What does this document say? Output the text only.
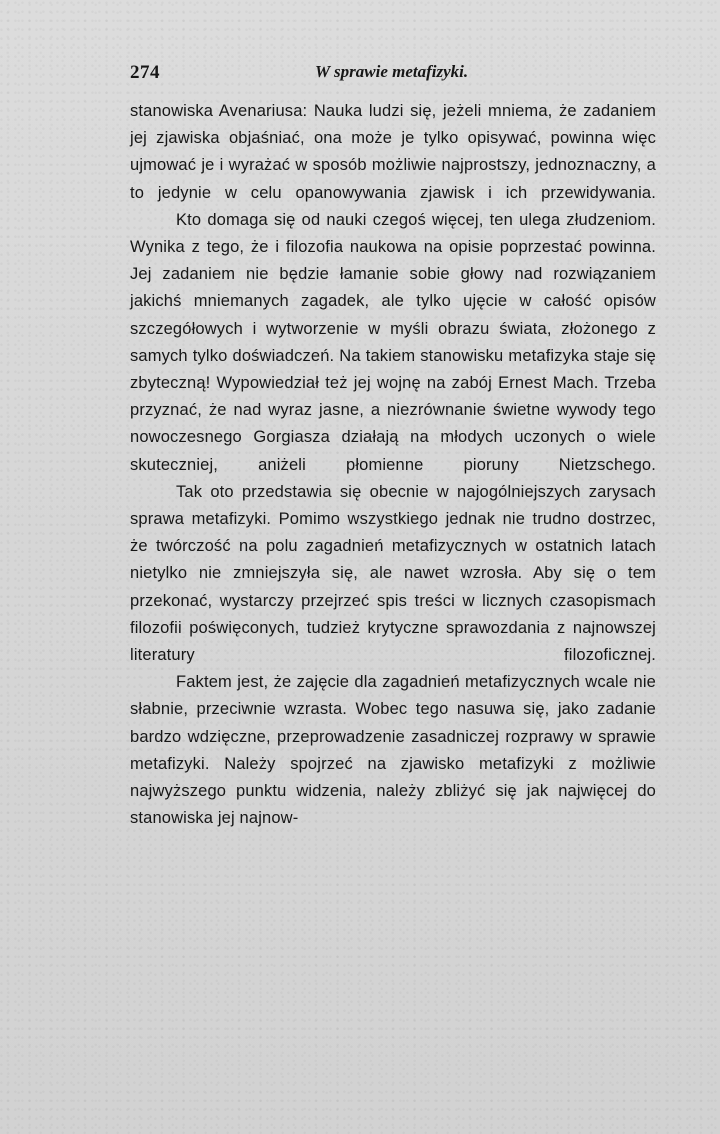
274	W sprawie metafizyki.

stanowiska Avenariusa: Nauka ludzi się, jeżeli mniema, że zadaniem jej zjawiska objaśniać, ona może je tylko opisywać, powinna więc ujmować je i wyrażać w sposób możliwie najprostszy, jednoznaczny, a to jedynie w celu opanowywania zjawisk i ich przewidywania.

Kto domaga się od nauki czegoś więcej, ten ulega złudzeniom. Wynika z tego, że i filozofia naukowa na opisie poprzestać powinna. Jej zadaniem nie będzie łamanie sobie głowy nad rozwiązaniem jakichś mniemanych zagadek, ale tylko ujęcie w całość opisów szczegółowych i wytworzenie w myśli obrazu świata, złożonego z samych tylko doświadczeń. Na takiem stanowisku metafizyka staje się zbyteczną! Wypowiedział też jej wojnę na zabój Ernest Mach. Trzeba przyznać, że nad wyraz jasne, a niezrównanie świetne wywody tego nowoczesnego Gorgiasza działają na młodych uczonych o wiele skuteczniej, aniżeli płomienne pioruny Nietzschego.

Tak oto przedstawia się obecnie w najogólniejszych zarysach sprawa metafizyki. Pomimo wszystkiego jednak nie trudno dostrzec, że twórczość na polu zagadnień metafizycznych w ostatnich latach nietylko nie zmniejszyła się, ale nawet wzrosła. Aby się o tem przekonać, wystarczy przejrzeć spis treści w licznych czasopismach filozofii poświęconych, tudzież krytyczne sprawozdania z najnowszej literatury filozoficznej.

Faktem jest, że zajęcie dla zagadnień metafizycznych wcale nie słabnie, przeciwnie wzrasta. Wobec tego nasuwa się, jako zadanie bardzo wdzięczne, przeprowadzenie zasadniczej rozprawy w sprawie metafizyki. Należy spojrzeć na zjawisko metafizyki z możliwie najwyższego punktu widzenia, należy zbliżyć się jak najwięcej do stanowiska jej najnow-
